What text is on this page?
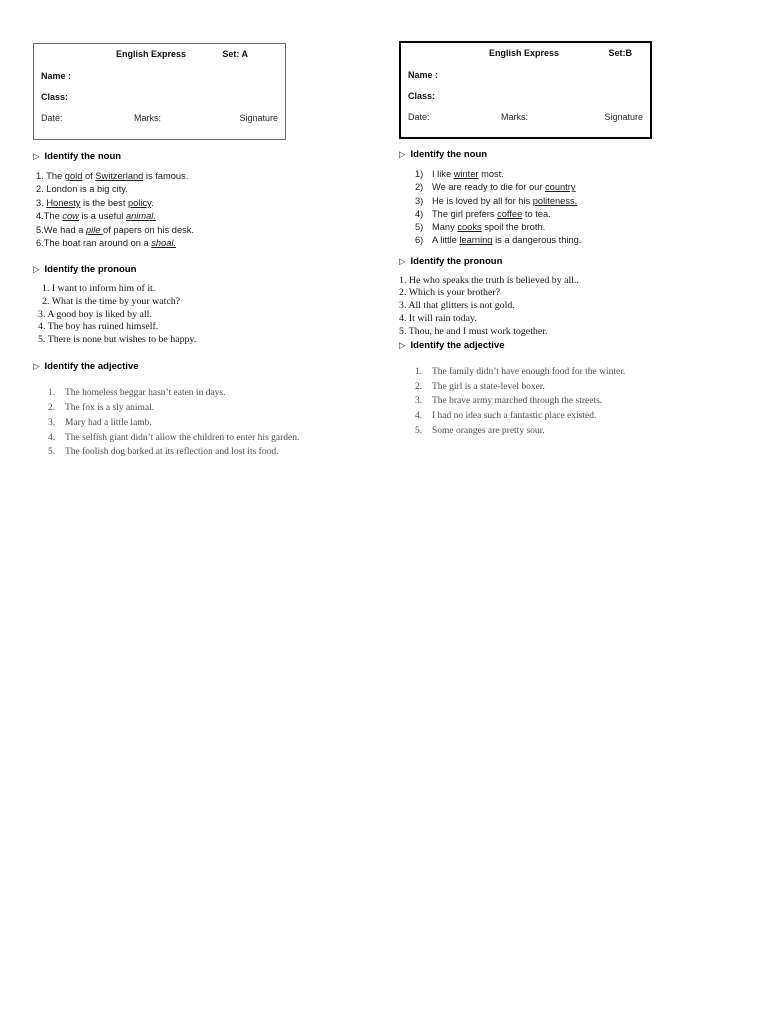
English Express	Set: A
Name :
Class:
Date:	Marks:	Signature
▷ Identify the noun
1. The gold of Switzerland is famous.
2. London is a big city.
3. Honesty is the best policy.
4.The cow is a useful animal.
5.We had a pile of papers on his desk.
6.The boat ran around on a shoal.
▷ Identify the pronoun
1. I want to inform him of it.
2. What is the time by your watch?
3. A good boy is liked by all.
4. The boy has ruined himself.
5. There is none but wishes to be happy.
▷ Identify the adjective
1. The homeless beggar hasn’t eaten in days.
2. The fox is a sly animal.
3. Mary had a little lamb.
4. The selfish giant didn’t allow the children to enter his garden.
5. The foolish dog barked at its reflection and lost its food.
English Express	Set:B
Name :
Class:
Date:	Marks:	Signature
▷ Identify the noun
1) I like winter most.
2) We are ready to die for our country
3) He is loved by all for his politeness.
4) The girl prefers coffee to tea.
5) Many cooks spoil the broth.
6) A little learning is a dangerous thing.
▷ Identify the pronoun
1. He who speaks the truth is believed by all..
2. Which is your brother?
3. All that glitters is not gold.
4. It will rain today.
5. Thou, he and I must work together.
▷ Identify the adjective
1. The family didn’t have enough food for the winter.
2. The girl is a state-level boxer.
3. The brave army marched through the streets.
4. I had no idea such a fantastic place existed.
5. Some oranges are pretty sour.
